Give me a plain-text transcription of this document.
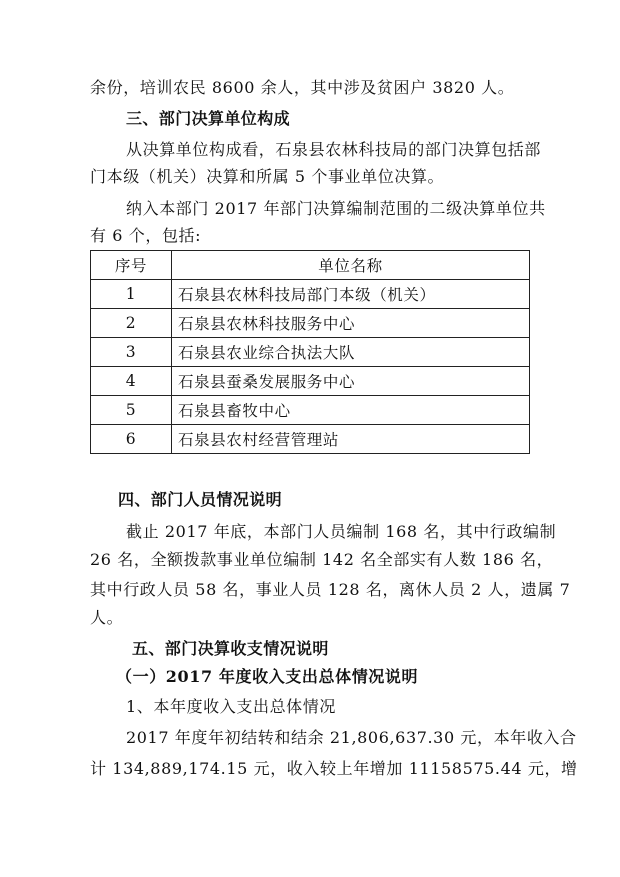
余份，培训农民 8600 余人，其中涉及贫困户 3820 人。
三、部门决算单位构成
从决算单位构成看，石泉县农林科技局的部门决算包括部
门本级（机关）决算和所属 5 个事业单位决算。
纳入本部门 2017 年部门决算编制范围的二级决算单位共
有 6 个，包括:
序号	单位名称
1	石泉县农林科技局部门本级（机关）
2	石泉县农林科技服务中心
3	石泉县农业综合执法大队
4	石泉县蚕桑发展服务中心
5	石泉县畜牧中心
6	石泉县农村经营管理站
四、部门人员情况说明
截止 2017 年底，本部门人员编制 168 名，其中行政编制
26 名，全额拨款事业单位编制 142 名全部实有人数 186 名，
其中行政人员 58 名，事业人员 128 名，离休人员 2 人，遗属 7
人。
五、部门决算收支情况说明
（一）2017 年度收入支出总体情况说明
1、本年度收入支出总体情况
2017 年度年初结转和结余 21,806,637.30 元，本年收入合
计 134,889,174.15 元，收入较上年增加 11158575.44 元，增
